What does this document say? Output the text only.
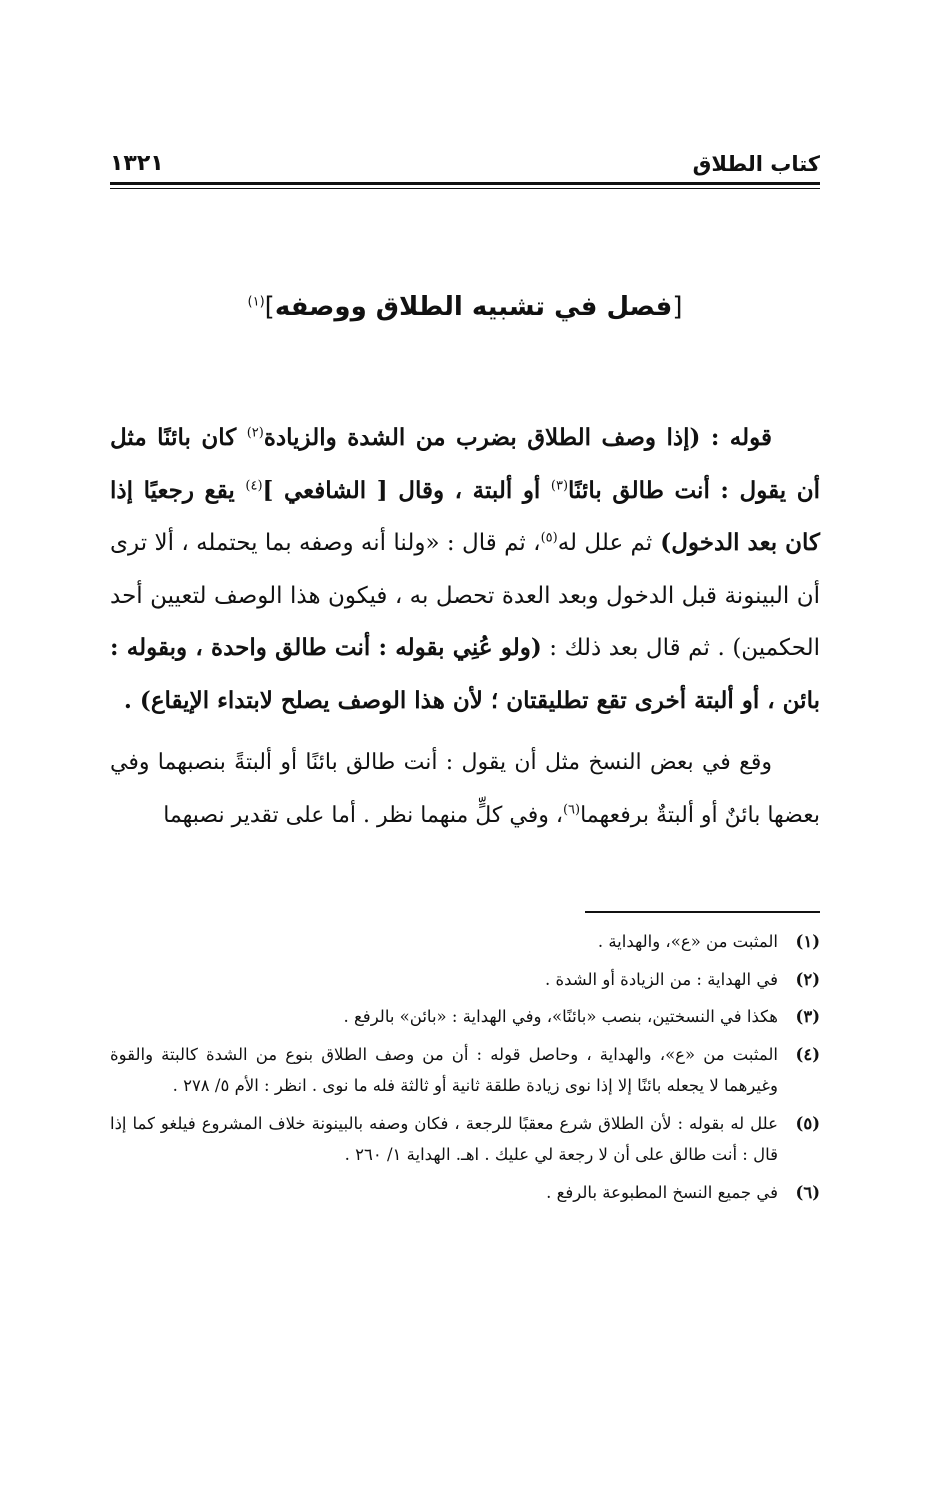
كتاب الطلاق
١٣٢١
[فصل في تشبيه الطلاق ووصفه]$^{(١)}$

قوله : (إذا وصف الطلاق بضرب من الشدة والزيادة$^{(٢)}$ كان بائنًا مثل أن يقول : أنت طالق بائنًا$^{(٣)}$ أو ألبتة ، وقال [ الشافعي ]$^{(٤)}$ يقع رجعيًا إذا كان بعد الدخول) ثم علل له$^{(٥)}$، ثم قال : «ولنا أنه وصفه بما يحتمله ، ألا ترى أن البينونة قبل الدخول وبعد العدة تحصل به ، فيكون هذا الوصف لتعيين أحد الحكمين) . ثم قال بعد ذلك : (ولو عُنِي بقوله : أنت طالق واحدة ، وبقوله : بائن ، أو ألبتة أخرى تقع تطليقتان ؛ لأن هذا الوصف يصلح لابتداء الإيقاع) .

وقع في بعض النسخ مثل أن يقول : أنت طالق بائنًا أو ألبتةً بنصبهما وفي بعضها بائنٌ أو ألبتةٌ برفعهما$^{(٦)}$، وفي كلٍّ منهما نظر . أما على تقدير نصبهما

(١)
المثبت من «ع»، والهداية .
(٢)
في الهداية : من الزيادة أو الشدة .
(٣)
هكذا في النسختين، بنصب «بائنًا»، وفي الهداية : «بائن» بالرفع .
(٤)
المثبت من «ع»، والهداية ، وحاصل قوله : أن من وصف الطلاق بنوع من الشدة كالبتة والقوة وغيرهما لا يجعله بائنًا إلا إذا نوى زيادة طلقة ثانية أو ثالثة فله ما نوى . انظر : الأم ٥/ ٢٧٨ .
(٥)
علل له بقوله : لأن الطلاق شرع معقبًا للرجعة ، فكان وصفه بالبينونة خلاف المشروع فيلغو كما إذا قال : أنت طالق على أن لا رجعة لي عليك . اهـ. الهداية ١/ ٢٦٠ .
(٦)
في جميع النسخ المطبوعة بالرفع .
